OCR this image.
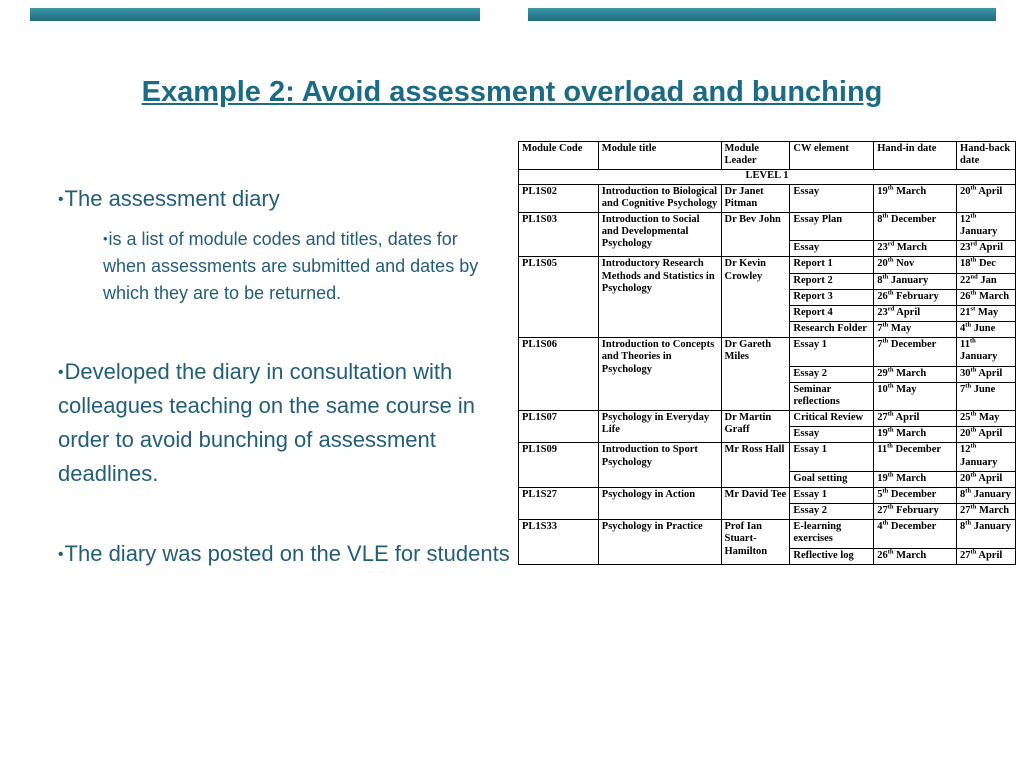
Example 2: Avoid assessment overload and bunching
•The assessment diary
•is a list of module codes and titles, dates for when assessments are submitted and dates by which they are to be returned.
•Developed the diary in consultation with colleagues teaching on the same course in order to avoid bunching of assessment deadlines.
•The diary was posted on the VLE for students
Module Code	Module title	Module Leader	CW element	Hand-in date	Hand-back date
LEVEL 1					
PL1S02	Introduction to Biological and Cognitive Psychology	Dr Janet Pitman	Essay	19th March	20th April
PL1S03	Introduction to Social and Developmental Psychology	Dr Bev John	Essay Plan	8th December	12th January
			Essay	23rd March	23rd April
PL1S05	Introductory Research Methods and Statistics in Psychology	Dr Kevin Crowley	Report 1	20th Nov	18th Dec
			Report 2	8th January	22nd Jan
			Report 3	26th February	26th March
			Report 4	23rd April	21st May
			Research Folder	7th May	4th June
PL1S06	Introduction to Concepts and Theories in Psychology	Dr Gareth Miles	Essay 1	7th December	11th January
			Essay 2	29th March	30th April
			Seminar reflections	10th May	7th June
PL1S07	Psychology in Everyday Life	Dr Martin Graff	Critical Review	27th April	25th May
			Essay	19th March	20th April
PL1S09	Introduction to Sport Psychology	Mr Ross Hall	Essay 1	11th December	12th January
			Goal setting	19th March	20th April
PL1S27	Psychology in Action	Mr David Tee	Essay 1	5th December	8th January
			Essay 2	27th February	27th March
PL1S33	Psychology in Practice	Prof Ian Stuart-Hamilton	E-learning exercises	4th December	8th January
			Reflective log	26th March	27th April
